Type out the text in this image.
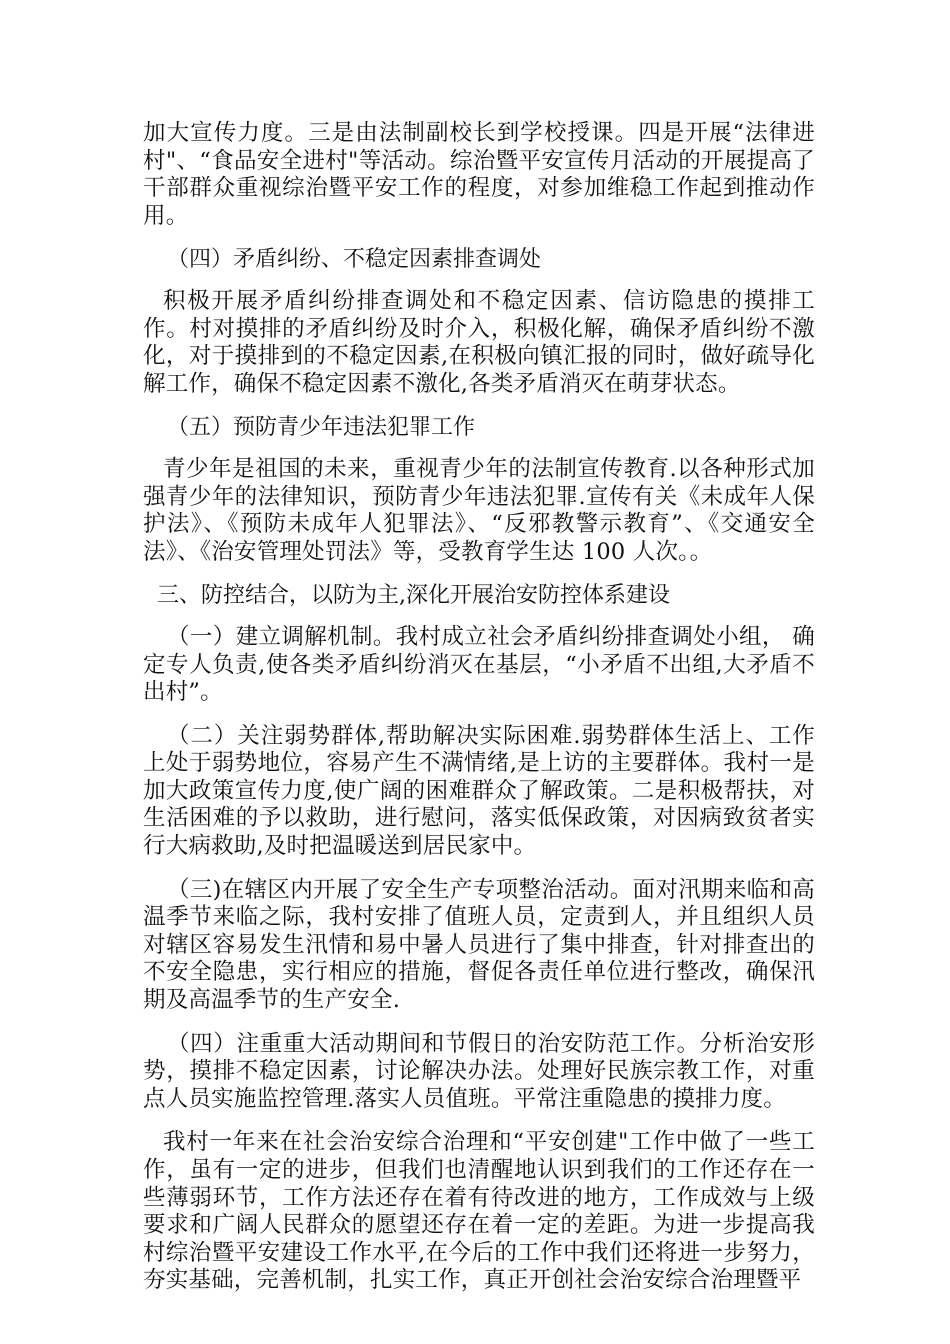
加大宣传力度。三是由法制副校长到学校授课。四是开展“法律进村"、“食品安全进村"等活动。综治暨平安宣传月活动的开展提高了干部群众重视综治暨平安工作的程度，对参加维稳工作起到推动作用。

（四）矛盾纠纷、不稳定因素排查调处

积极开展矛盾纠纷排查调处和不稳定因素、信访隐患的摸排工作。村对摸排的矛盾纠纷及时介入，积极化解，确保矛盾纠纷不激化，对于摸排到的不稳定因素,在积极向镇汇报的同时，做好疏导化解工作，确保不稳定因素不激化,各类矛盾消灭在萌芽状态。

（五）预防青少年违法犯罪工作

青少年是祖国的未来，重视青少年的法制宣传教育.以各种形式加强青少年的法律知识，预防青少年违法犯罪.宣传有关《未成年人保护法》、《预防未成年人犯罪法》、“反邪教警示教育”、《交通安全法》、《治安管理处罚法》等，受教育学生达 100 人次。。

三、防控结合，以防为主,深化开展治安防控体系建设

（一）建立调解机制。我村成立社会矛盾纠纷排查调处小组， 确定专人负责,使各类矛盾纠纷消灭在基层，“小矛盾不出组,大矛盾不出村”。

（二）关注弱势群体,帮助解决实际困难.弱势群体生活上、工作上处于弱势地位，容易产生不满情绪,是上访的主要群体。我村一是加大政策宣传力度,使广阔的困难群众了解政策。二是积极帮扶，对生活困难的予以救助，进行慰问，落实低保政策，对因病致贫者实行大病救助,及时把温暖送到居民家中。

（三)在辖区内开展了安全生产专项整治活动。面对汛期来临和高温季节来临之际，我村安排了值班人员，定责到人，并且组织人员对辖区容易发生汛情和易中暑人员进行了集中排查，针对排查出的不安全隐患，实行相应的措施，督促各责任单位进行整改，确保汛期及高温季节的生产安全.

（四）注重重大活动期间和节假日的治安防范工作。分析治安形势，摸排不稳定因素，讨论解决办法。处理好民族宗教工作，对重点人员实施监控管理.落实人员值班。平常注重隐患的摸排力度。

我村一年来在社会治安综合治理和“平安创建"工作中做了一些工作，虽有一定的进步，但我们也清醒地认识到我们的工作还存在一些薄弱环节，工作方法还存在着有待改进的地方，工作成效与上级要求和广阔人民群众的愿望还存在着一定的差距。为进一步提高我村综治暨平安建设工作水平,在今后的工作中我们还将进一步努力，夯实基础，完善机制，扎实工作，真正开创社会治安综合治理暨平
